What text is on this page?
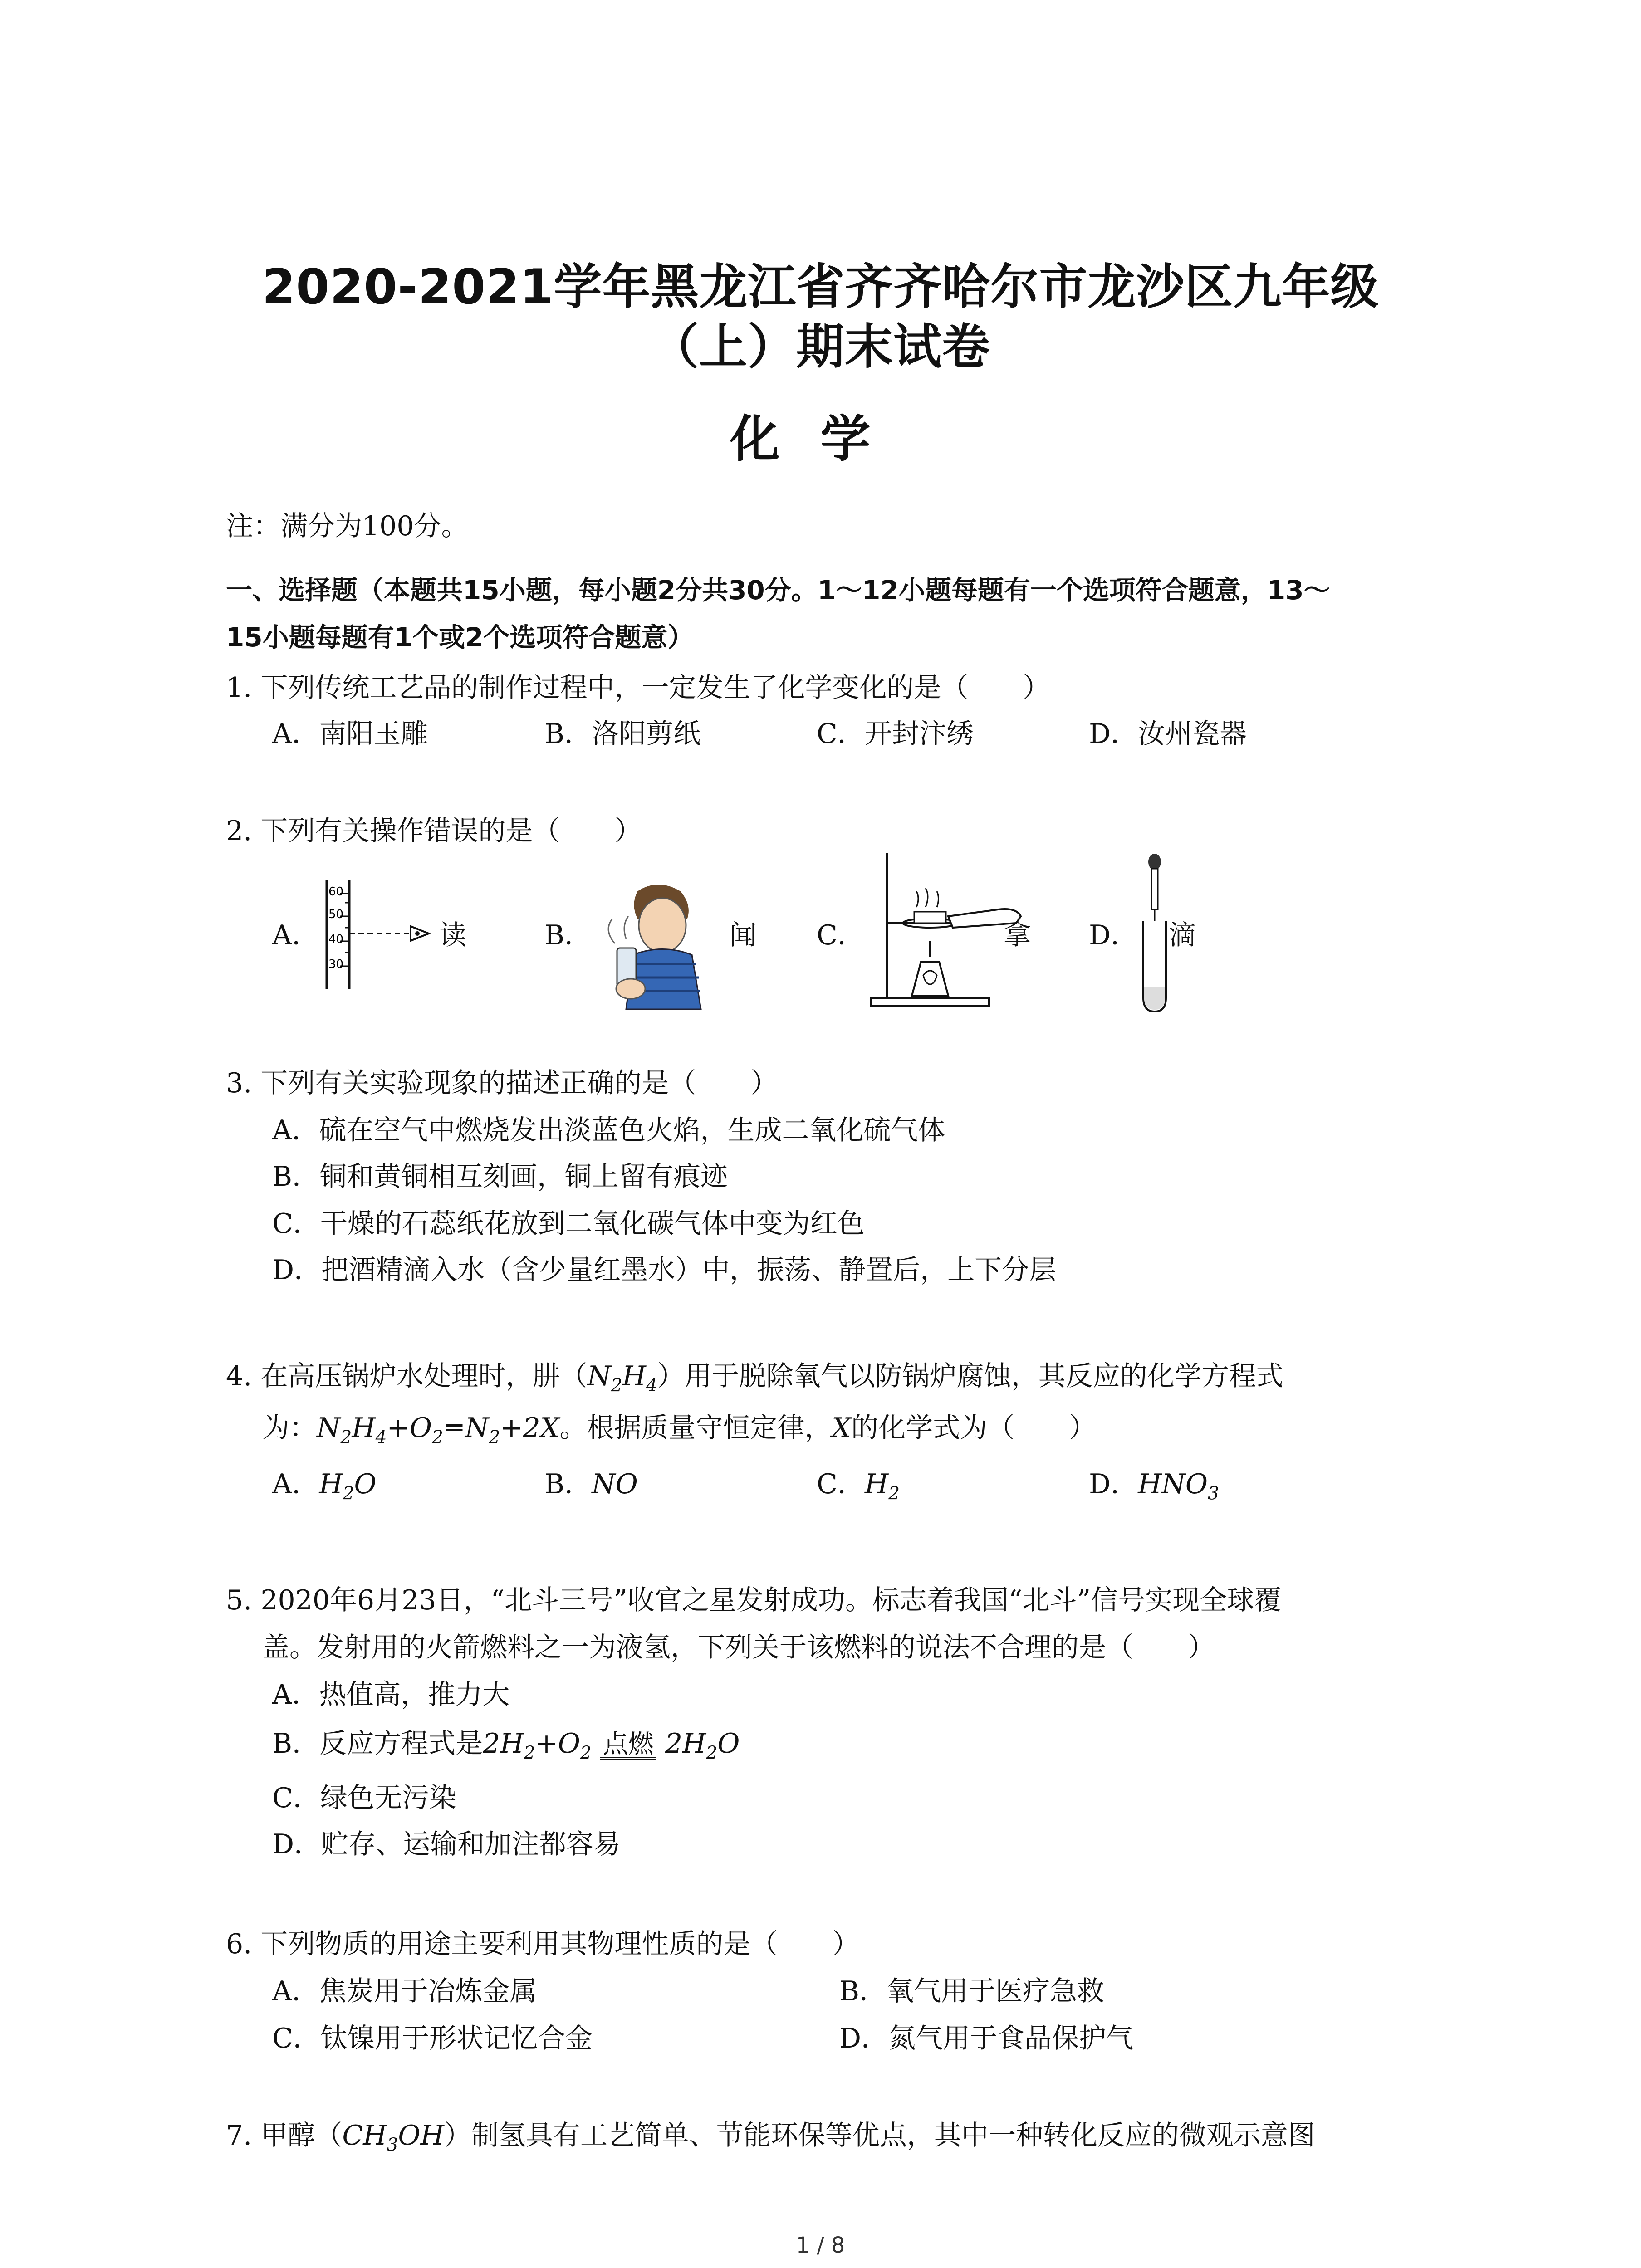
2020-2021学年黑龙江省齐齐哈尔市龙沙区九年级
（上）期末试卷
化学
注：满分为100分。
一、选择题（本题共15小题，每小题2分共30分。1～12小题每题有一个选项符合题意，13～
15小题每题有1个或2个选项符合题意）
1. 下列传统工艺品的制作过程中，一定发生了化学变化的是（　　）
A．南阳玉雕	B．洛阳剪纸	C．开封汴绣	D．汝州瓷器
2. 下列有关操作错误的是（　　）
A．
60
50
40
30
读	B．	闻 C．	拿 D． 滴
3. 下列有关实验现象的描述正确的是（　　）
A．硫在空气中燃烧发出淡蓝色火焰，生成二氧化硫气体
B．铜和黄铜相互刻画，铜上留有痕迹
C．干燥的石蕊纸花放到二氧化碳气体中变为红色
D．把酒精滴入水（含少量红墨水）中，振荡、静置后，上下分层
4. 在高压锅炉水处理时，肼$(N_2H_4)$用于脱除氧气以防锅炉腐蚀，其反应的化学方程式
为：$N_2H_4+O_2$ ═ $N_2+2X$。根据质量守恒定律，X的化学式为（　　）
A．$H_2O$	B．NO	C．$H_2$	D．$HNO_3$
5. 2020年6月23日，“北斗三号”收官之星发射成功。标志着我国“北斗”信号实现全球覆
盖。发射用的火箭燃料之一为液氢，下列关于该燃料的说法不合理的是（　　）
A．热值高，推力大
B．反应方程式是$2H_2+O_2$ 点燃 $2H_2O$
C．绿色无污染
D．贮存、运输和加注都容易
6. 下列物质的用途主要利用其物理性质的是（　　）
A．焦炭用于冶炼金属	B．氧气用于医疗急救
C．钛镍用于形状记忆合金	D．氮气用于食品保护气
7. 甲醇$(CH_3OH)$制氢具有工艺简单、节能环保等优点，其中一种转化反应的微观示意图
1 / 8
